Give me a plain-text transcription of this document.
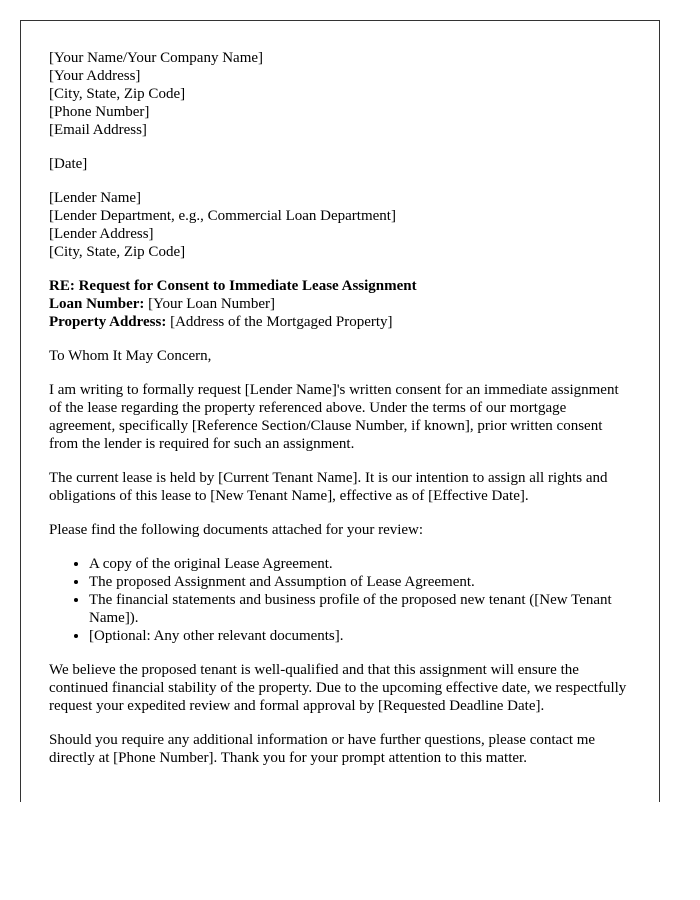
[Your Name/Your Company Name]
[Your Address]
[City, State, Zip Code]
[Phone Number]
[Email Address]
[Date]
[Lender Name]
[Lender Department, e.g., Commercial Loan Department]
[Lender Address]
[City, State, Zip Code]
RE: Request for Consent to Immediate Lease Assignment
Loan Number: [Your Loan Number]
Property Address: [Address of the Mortgaged Property]

To Whom It May Concern,

I am writing to formally request [Lender Name]'s written consent for an immediate assignment of the lease regarding the property referenced above. Under the terms of our mortgage agreement, specifically [Reference Section/Clause Number, if known], prior written consent from the lender is required for such an assignment.

The current lease is held by [Current Tenant Name]. It is our intention to assign all rights and obligations of this lease to [New Tenant Name], effective as of [Effective Date].

Please find the following documents attached for your review:

• A copy of the original Lease Agreement.
• The proposed Assignment and Assumption of Lease Agreement.
• The financial statements and business profile of the proposed new tenant ([New Tenant Name]).
• [Optional: Any other relevant documents].

We believe the proposed tenant is well-qualified and that this assignment will ensure the continued financial stability of the property. Due to the upcoming effective date, we respectfully request your expedited review and formal approval by [Requested Deadline Date].

Should you require any additional information or have further questions, please contact me directly at [Phone Number]. Thank you for your prompt attention to this matter.
